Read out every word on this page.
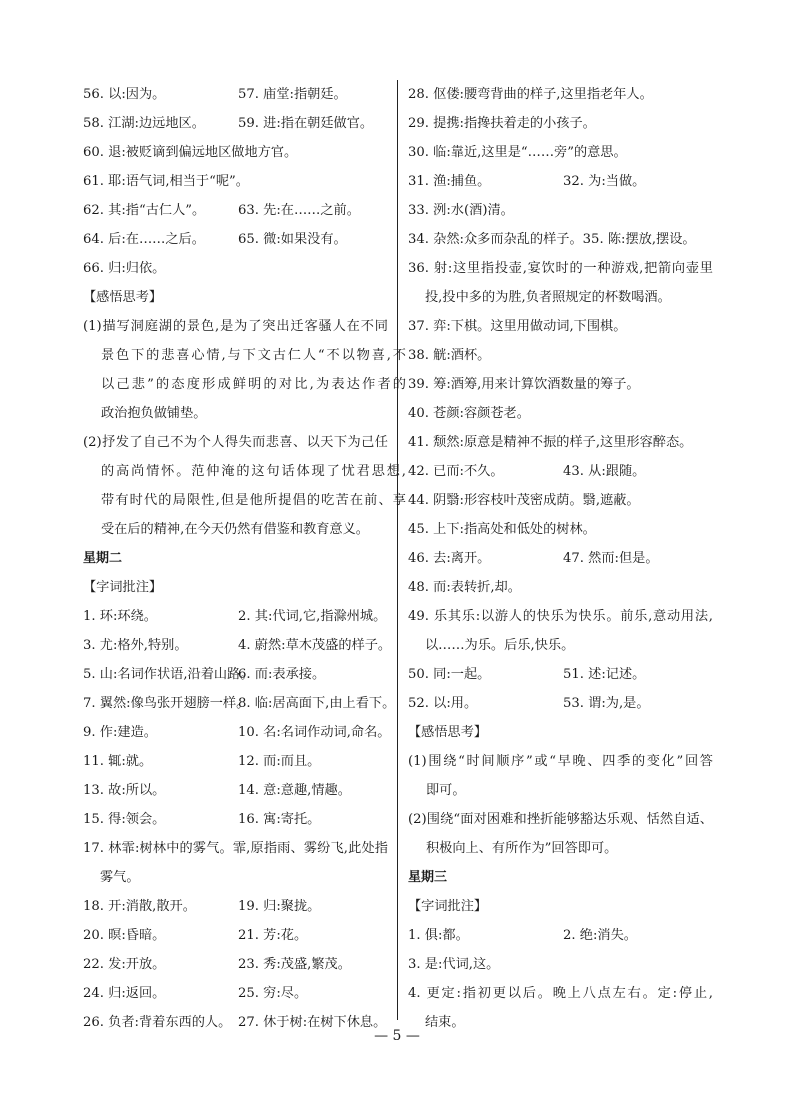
56. 以:因为。	57. 庙堂:指朝廷。
58. 江湖:边远地区。	59. 进:指在朝廷做官。
60. 退:被贬谪到偏远地区做地方官。
61. 耶:语气词,相当于“呢”。
62. 其:指“古仁人”。 63. 先:在……之前。
64. 后:在……之后。	65. 微:如果没有。
66. 归:归依。
【感悟思考】
(1)描写洞庭湖的景色,是为了突出迁客骚人在不同
景色下的悲喜心情,与下文古仁人“不以物喜,不
以己悲”的态度形成鲜明的对比,为表达作者的
政治抱负做铺垫。
(2)抒发了自己不为个人得失而悲喜、以天下为己任
的高尚情怀。范仲淹的这句话体现了忧君思想,
带有时代的局限性,但是他所提倡的吃苦在前、享
受在后的精神,在今天仍然有借鉴和教育意义。
星期二
【字词批注】
1. 环:环绕。	2. 其:代词,它,指滁州城。
3. 尤:格外,特别。	4. 蔚然:草木茂盛的样子。
5. 山:名词作状语,沿着山路。
6. 而:表承接。
7. 翼然:像鸟张开翅膀一样。
8. 临:居高面下,由上看下。
9. 作:建造。	10. 名:名词作动词,命名。
11. 辄:就。	12. 而:而且。
13. 故:所以。	14. 意:意趣,情趣。
15. 得:领会。	16. 寓:寄托。
17. 林霏:树林中的雾气。霏,原指雨、雾纷飞,此处指
雾气。
18. 开:消散,散开。	19. 归:聚拢。
20. 暝:昏暗。	21. 芳:花。
22. 发:开放。	23. 秀:茂盛,繁茂。
24. 归:返回。	25. 穷:尽。
26. 负者:背着东西的人。 27. 休于树:在树下休息。
28. 伛偻:腰弯背曲的样子,这里指老年人。
29. 提携:指搀扶着走的小孩子。
30. 临:靠近,这里是“……旁”的意思。
31. 渔:捕鱼。	32. 为:当做。
33. 洌:水(酒)清。
34. 杂然:众多而杂乱的样子。35. 陈:摆放,摆设。
36. 射:这里指投壶,宴饮时的一种游戏,把箭向壶里
投,投中多的为胜,负者照规定的杯数喝酒。
37. 弈:下棋。这里用做动词,下围棋。
38. 觥:酒杯。
39. 筹:酒筹,用来计算饮酒数量的筹子。
40. 苍颜:容颜苍老。
41. 颓然:原意是精神不振的样子,这里形容醉态。
42. 已而:不久。	43. 从:跟随。
44. 阴翳:形容枝叶茂密成荫。翳,遮蔽。
45. 上下:指高处和低处的树林。
46. 去:离开。	47. 然而:但是。
48. 而:表转折,却。
49. 乐其乐:以游人的快乐为快乐。前乐,意动用法,
以……为乐。后乐,快乐。
50. 同:一起。	51. 述:记述。
52. 以:用。	53. 谓:为,是。
【感悟思考】
(1)围绕“时间顺序”或“早晚、四季的变化”回答
即可。
(2)围绕“面对困难和挫折能够豁达乐观、恬然自适、
积极向上、有所作为”回答即可。
星期三
【字词批注】
1. 俱:都。	2. 绝:消失。
3. 是:代词,这。
4. 更定:指初更以后。晚上八点左右。定:停止,
结束。
— 5 —
